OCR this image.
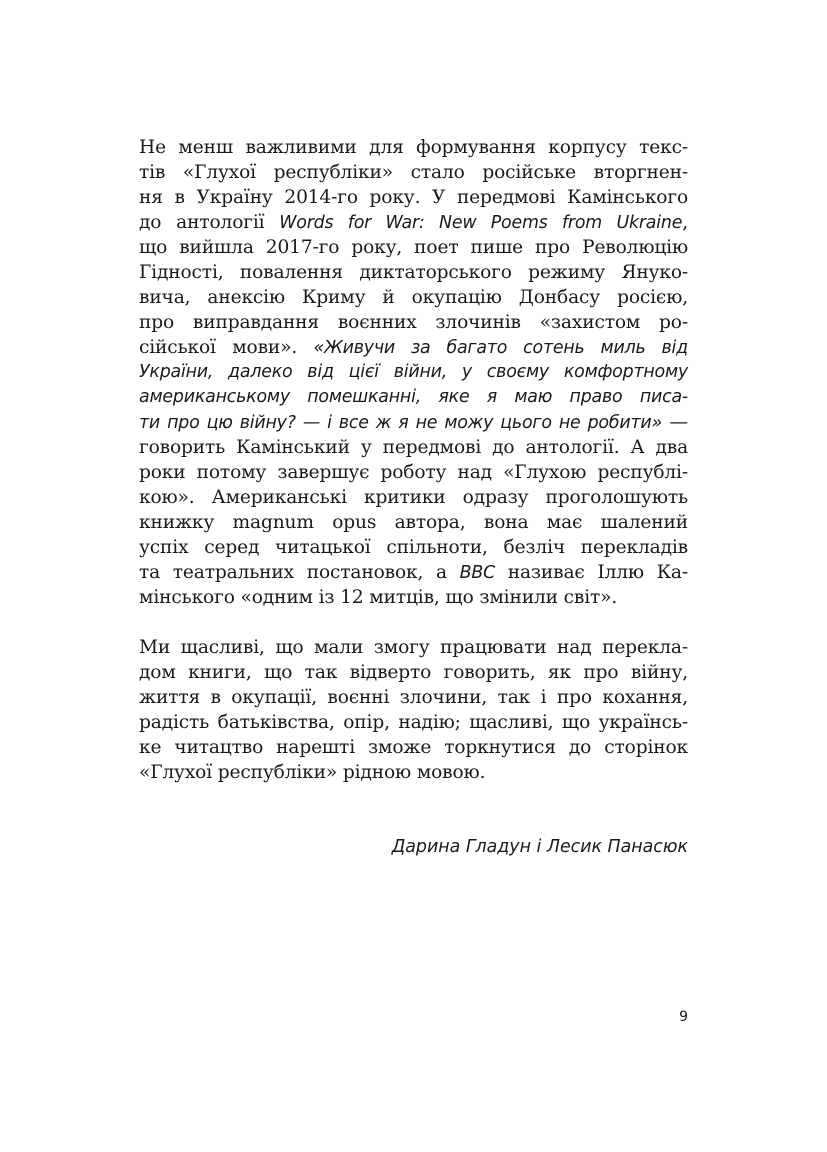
Не менш важливими для формування корпусу текс-
тів «Глухої республіки» стало російське вторгнен-
ня в Україну 2014-го року. У передмові Камінського
до антології Words for War: New Poems from Ukraine,
що вийшла 2017-го року, поет пише про Революцію
Гідності, повалення диктаторського режиму Януко-
вича, анексію Криму й окупацію Донбасу росією,
про виправдання воєнних злочинів «захистом ро-
сійської мови». «Живучи за багато сотень миль від
України, далеко від цієї війни, у своєму комфортному
американському помешканні, яке я маю право писа-
ти про цю війну? — і все ж я не можу цього не робити» —
говорить Камінський у передмові до антології. А два
роки потому завершує роботу над «Глухою республі-
кою». Американські критики одразу проголошують
книжку magnum opus автора, вона має шалений
успіх серед читацької спільноти, безліч перекладів
та театральних постановок, а BBC називає Іллю Ка-
мінського «одним із 12 митців, що змінили світ».
Ми щасливі, що мали змогу працювати над переклa-
дом книги, що так відверто говорить, як про війну,
життя в окупації, воєнні злочини, так і про кохання,
радість батьківства, опір, надію; щасливі, що українсь-
ке читацтво нарешті зможе торкнутися до сторінок
«Глухої республіки» рідною мовою.
Дарина Гладун і Лесик Панасюк
9
